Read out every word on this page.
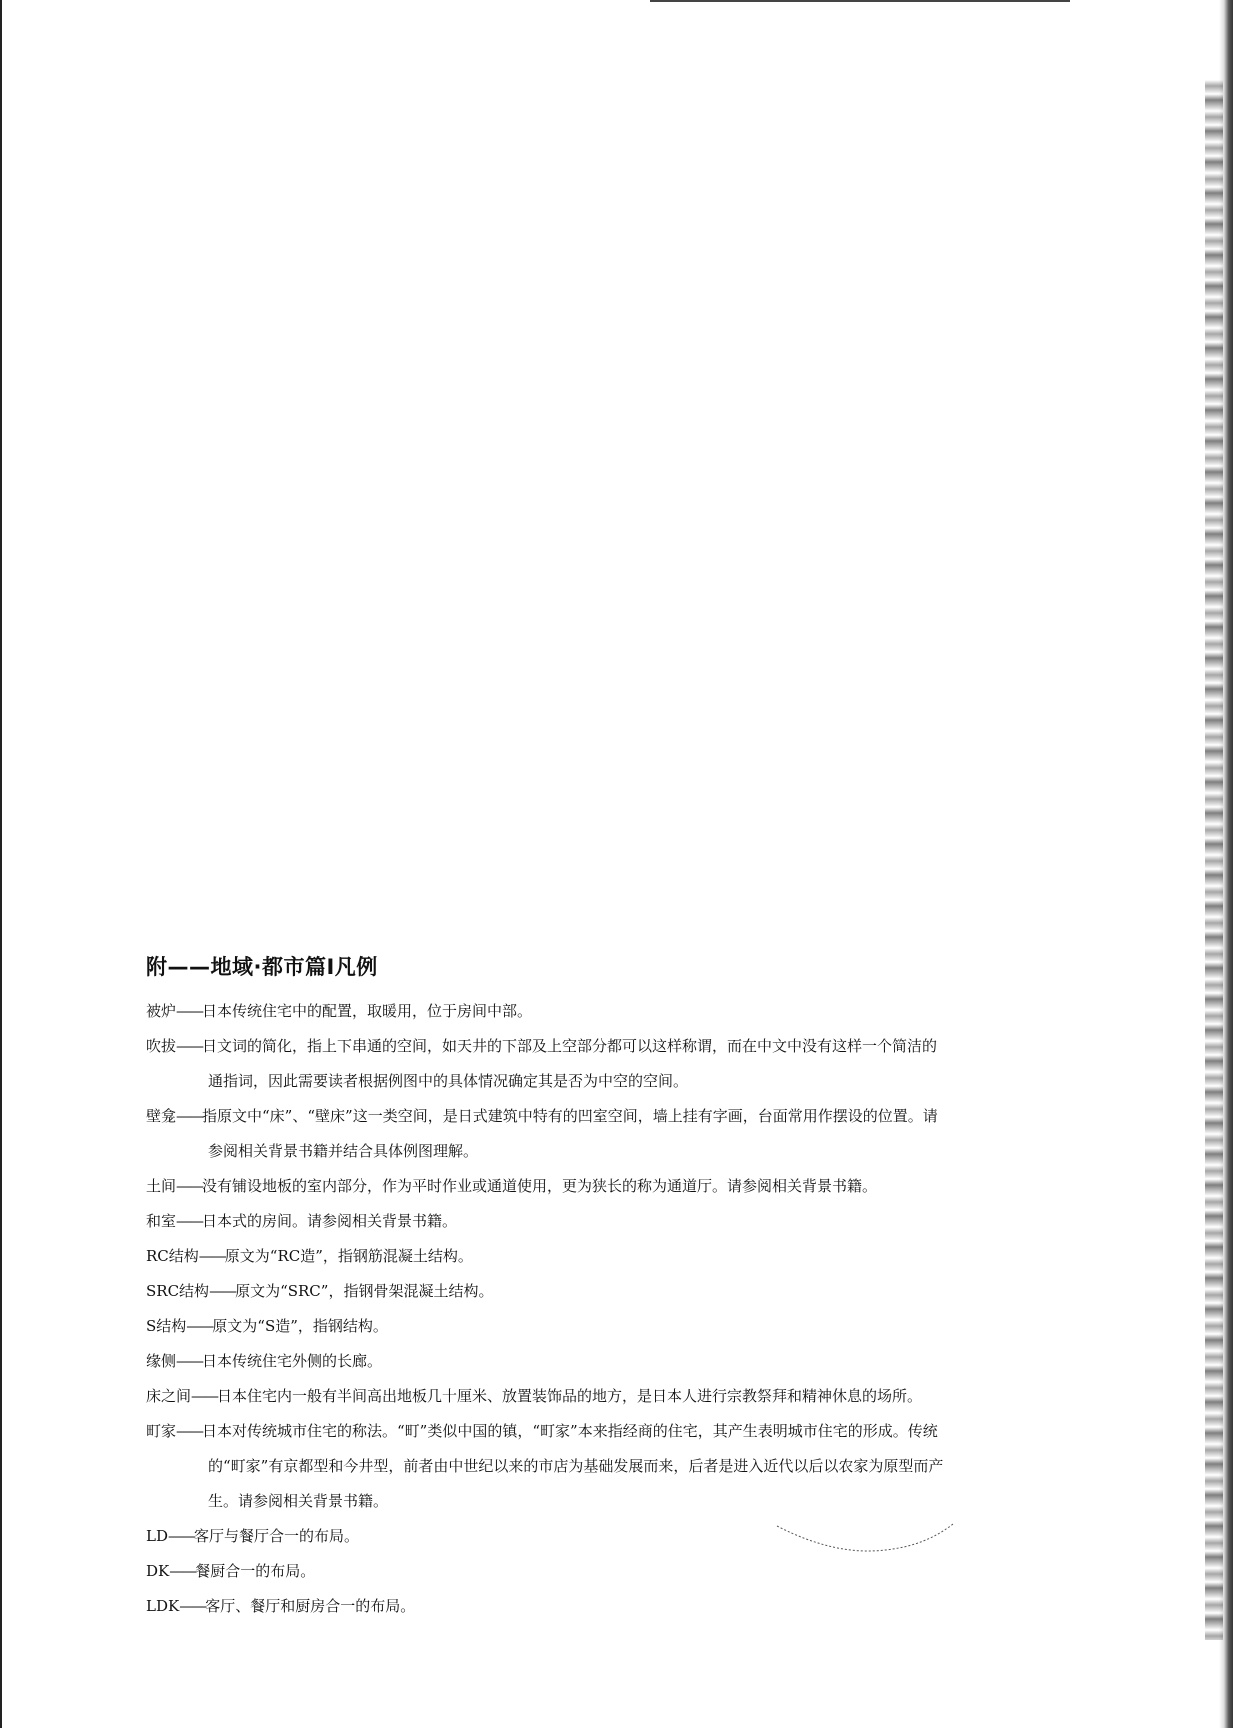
附——地域·都市篇Ⅰ凡例

被炉——日本传统住宅中的配置，取暖用，位于房间中部。

吹拔——日文词的简化，指上下串通的空间，如天井的下部及上空部分都可以这样称谓，而在中文中没有这样一个简洁的通指词，因此需要读者根据例图中的具体情况确定其是否为中空的空间。

壁龛——指原文中“床”、“壁床”这一类空间，是日式建筑中特有的凹室空间，墙上挂有字画，台面常用作摆设的位置。请参阅相关背景书籍并结合具体例图理解。

土间——没有铺设地板的室内部分，作为平时作业或通道使用，更为狭长的称为通道厅。请参阅相关背景书籍。

和室——日本式的房间。请参阅相关背景书籍。

RC结构——原文为“RC造”，指钢筋混凝土结构。

SRC结构——原文为“SRC”，指钢骨架混凝土结构。

S结构——原文为“S造”，指钢结构。

缘侧——日本传统住宅外侧的长廊。

床之间——日本住宅内一般有半间高出地板几十厘米、放置装饰品的地方，是日本人进行宗教祭拜和精神休息的场所。

町家——日本对传统城市住宅的称法。“町”类似中国的镇，“町家”本来指经商的住宅，其产生表明城市住宅的形成。传统的“町家”有京都型和今井型，前者由中世纪以来的市店为基础发展而来，后者是进入近代以后以农家为原型而产生。请参阅相关背景书籍。

LD——客厅与餐厅合一的布局。

DK——餐厨合一的布局。

LDK——客厅、餐厅和厨房合一的布局。
